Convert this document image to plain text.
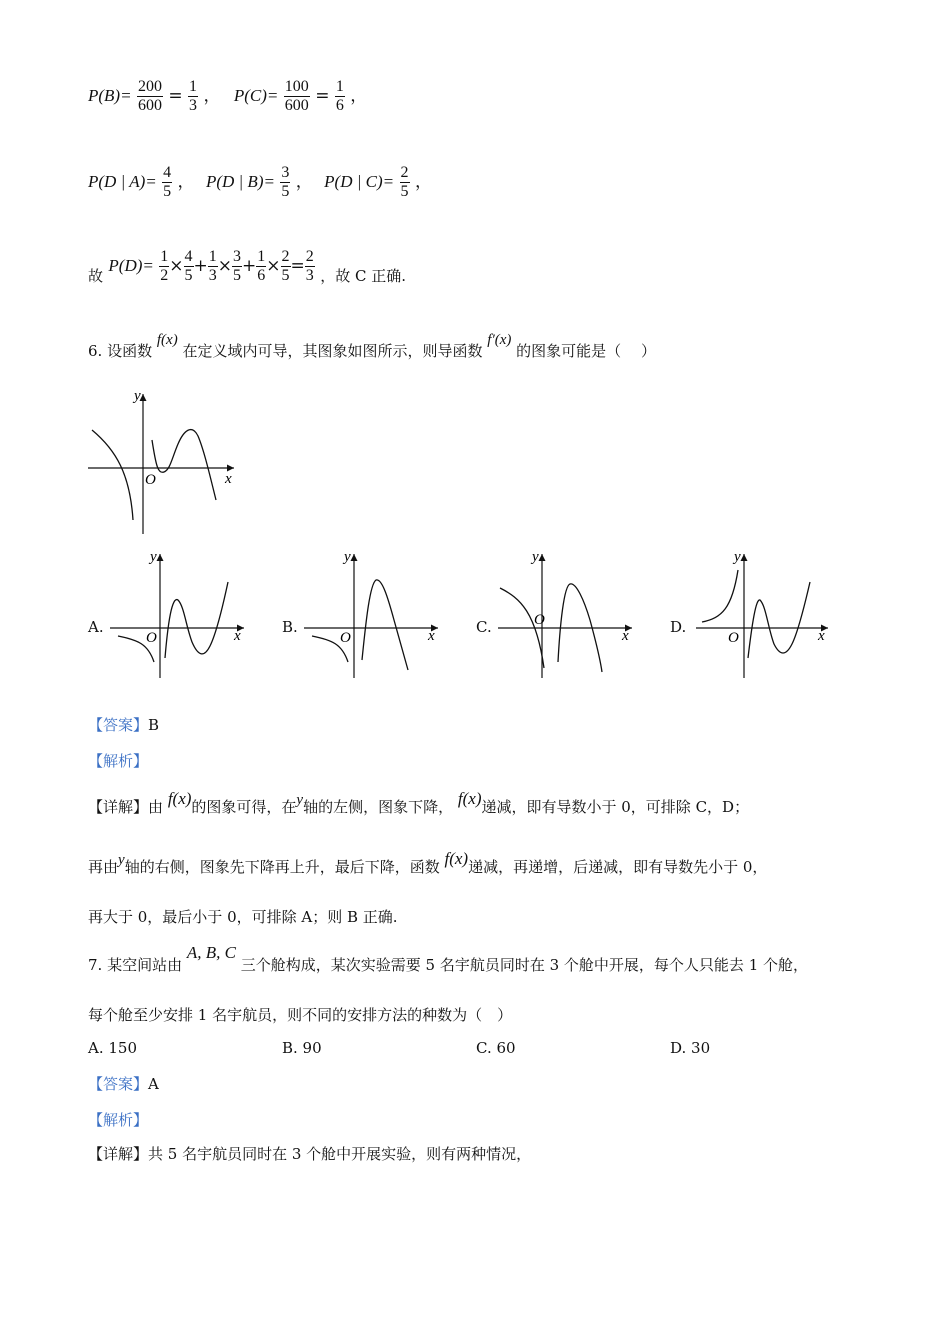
$P(B)= \frac{200}{600} = \frac{1}{3}$ ， $P(C)= \frac{100}{600} = \frac{1}{6}$ ，
P(D | $A)= \frac{4}{5}$ ， P(D | $B)= \frac{3}{5}$ ， P(D | $C)= \frac{2}{5}$ ，
故 $P(D)= \frac{1}{2} \times \frac{4}{5} + \frac{1}{3} \times \frac{3}{5} + \frac{1}{6} \times \frac{2}{5} = \frac{2}{3}$ ，故 C 正确.
6. 设函数 f(x) 在定义域内可导，其图象如图所示，则导函数 f′(x) 的图象可能是（　 ）
y
x
O
A.
y
x
O
B.
y
x
O
C.
y
x
O	D.
y
x
O
【答案】B
【解析】
【详解】由 f(x)的图象可得，在y轴的左侧，图象下降， f(x)递减，即有导数小于 0，可排除 C，D；
再由y轴的右侧，图象先下降再上升，最后下降，函数 f(x)递减，再递增，后递减，即有导数先小于 0，
再大于 0，最后小于 0，可排除 A；则 B 正确.
7. 某空间站由 A, B, C 三个舱构成，某次实验需要 5 名宇航员同时在 3 个舱中开展，每个人只能去 1 个舱，
每个舱至少安排 1 名宇航员，则不同的安排方法的种数为（　）
A. 150	B. 90	C. 60	D. 30
【答案】A
【解析】
【详解】共 5 名宇航员同时在 3 个舱中开展实验，则有两种情况，
